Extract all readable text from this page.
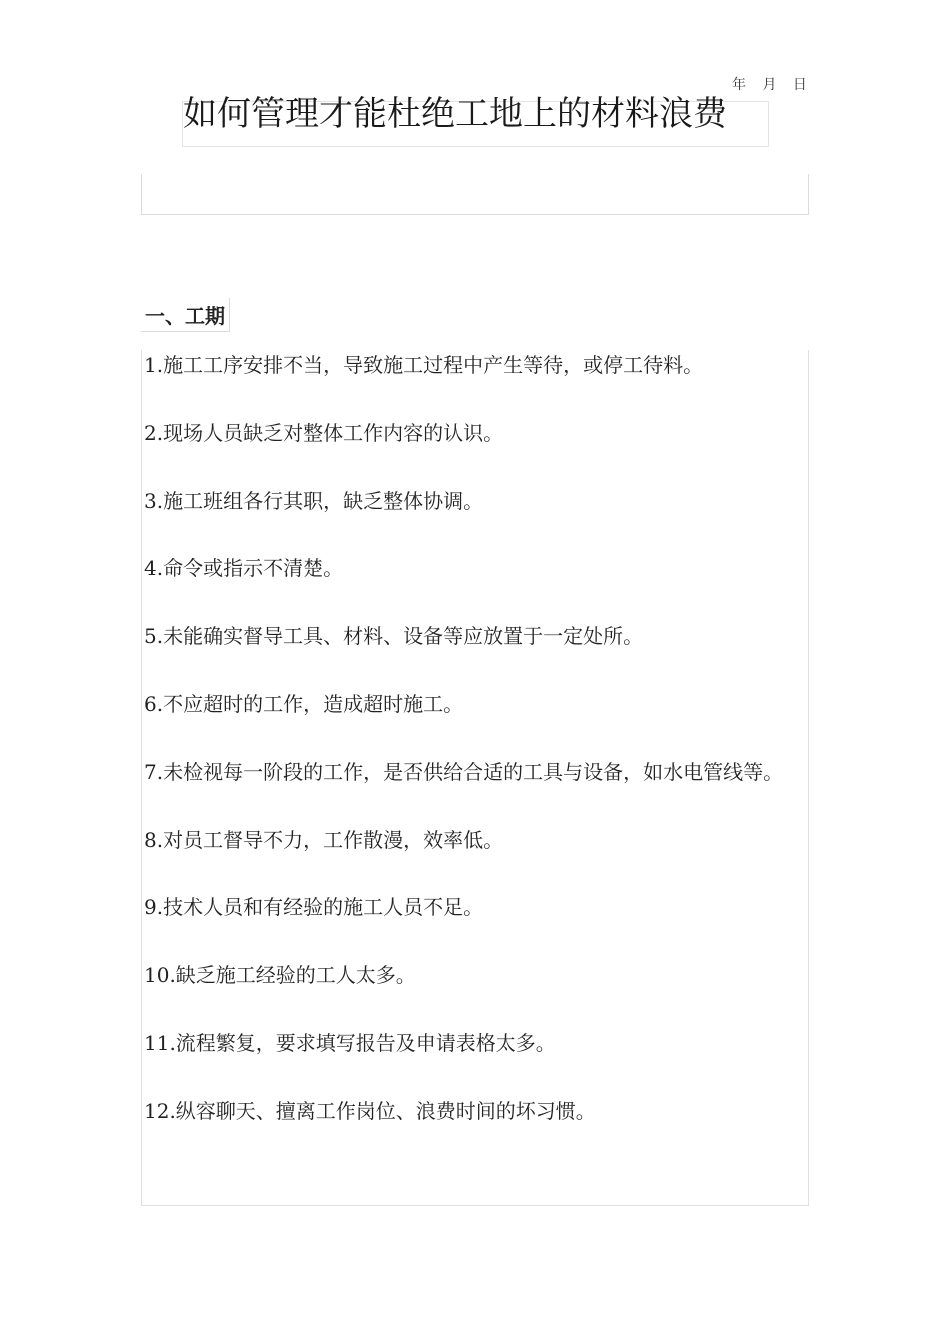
年 月 日
如何管理才能杜绝工地上的材料浪费
一、工期
1.施工工序安排不当，导致施工过程中产生等待，或停工待料。
2.现场人员缺乏对整体工作内容的认识。
3.施工班组各行其职，缺乏整体协调。
4.命令或指示不清楚。
5.未能确实督导工具、材料、设备等应放置于一定处所。
6.不应超时的工作，造成超时施工。
7.未检视每一阶段的工作，是否供给合适的工具与设备，如水电管线等。
8.对员工督导不力，工作散漫，效率低。
9.技术人员和有经验的施工人员不足。
10.缺乏施工经验的工人太多。
11.流程繁复，要求填写报告及申请表格太多。
12.纵容聊天、擅离工作岗位、浪费时间的坏习惯。
